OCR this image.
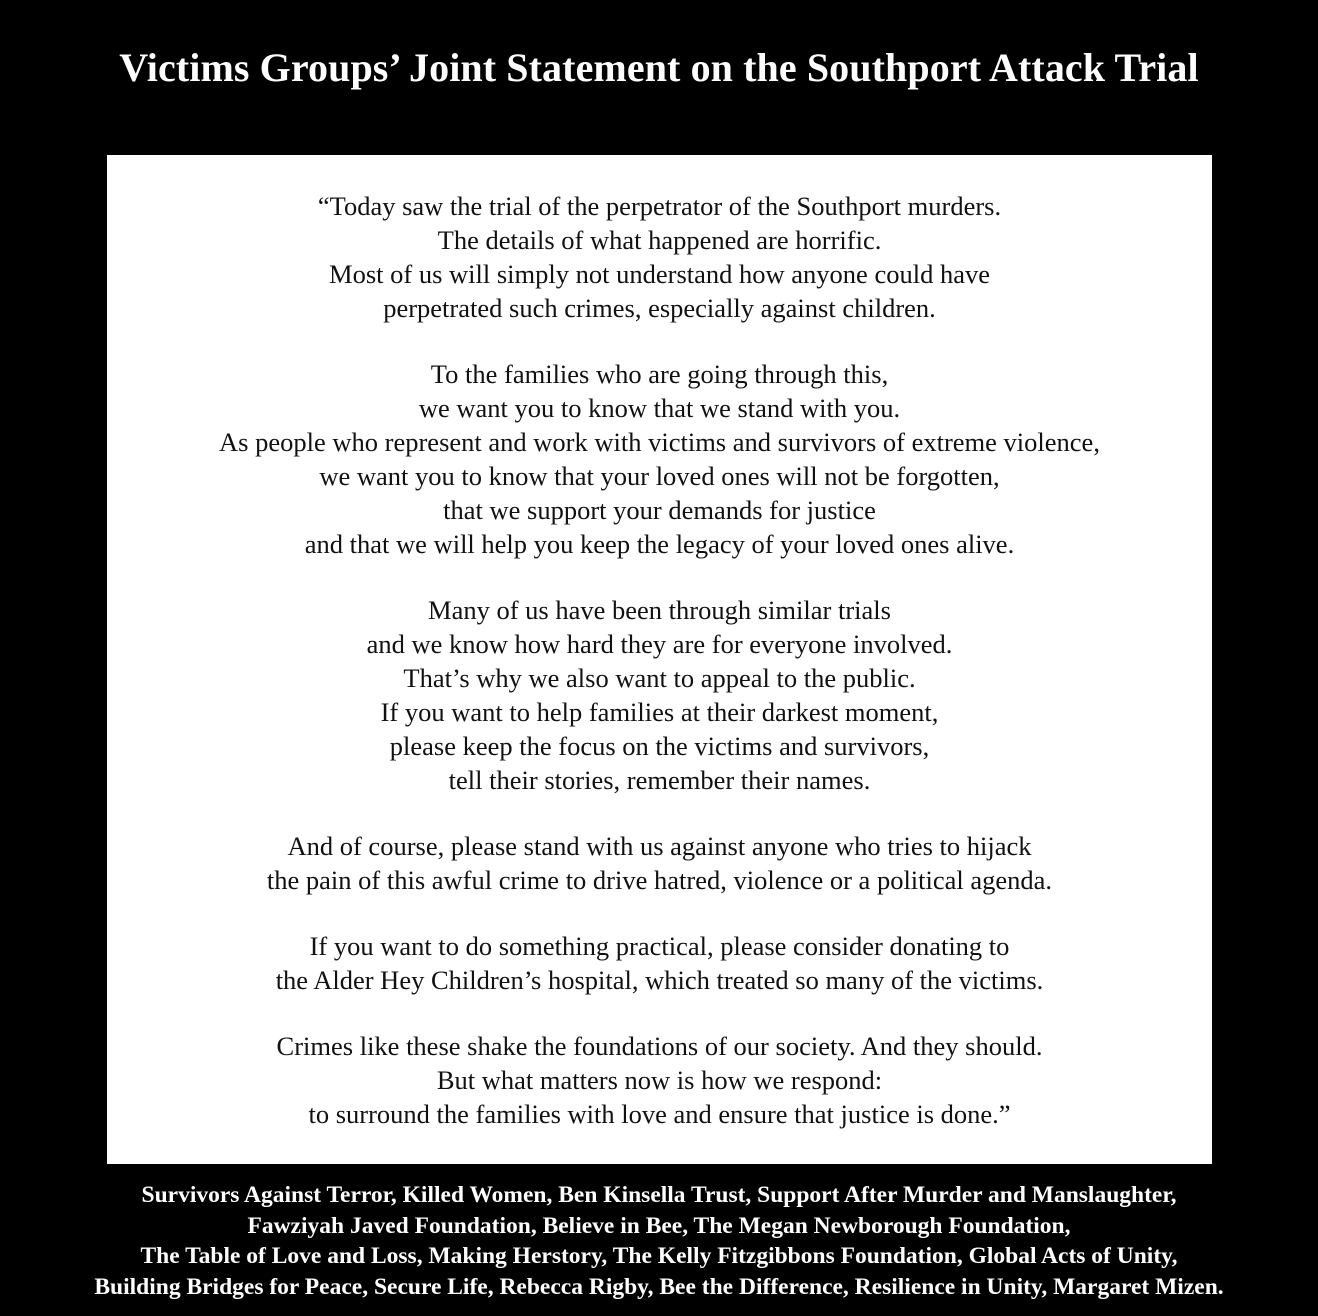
Victims Groups’ Joint Statement on the Southport Attack Trial
“Today saw the trial of the perpetrator of the Southport murders.
The details of what happened are horrific.
Most of us will simply not understand how anyone could have
perpetrated such crimes, especially against children.
To the families who are going through this,
we want you to know that we stand with you.
As people who represent and work with victims and survivors of extreme violence,
we want you to know that your loved ones will not be forgotten,
that we support your demands for justice
and that we will help you keep the legacy of your loved ones alive.
Many of us have been through similar trials
and we know how hard they are for everyone involved.
That’s why we also want to appeal to the public.
If you want to help families at their darkest moment,
please keep the focus on the victims and survivors,
tell their stories, remember their names.
And of course, please stand with us against anyone who tries to hijack
the pain of this awful crime to drive hatred, violence or a political agenda.
If you want to do something practical, please consider donating to
the Alder Hey Children’s hospital, which treated so many of the victims.
Crimes like these shake the foundations of our society. And they should.
But what matters now is how we respond:
to surround the families with love and ensure that justice is done.”
Survivors Against Terror, Killed Women, Ben Kinsella Trust, Support After Murder and Manslaughter,
Fawziyah Javed Foundation, Believe in Bee, The Megan Newborough Foundation,
The Table of Love and Loss, Making Herstory, The Kelly Fitzgibbons Foundation, Global Acts of Unity,
Building Bridges for Peace, Secure Life, Rebecca Rigby, Bee the Difference, Resilience in Unity, Margaret Mizen.
